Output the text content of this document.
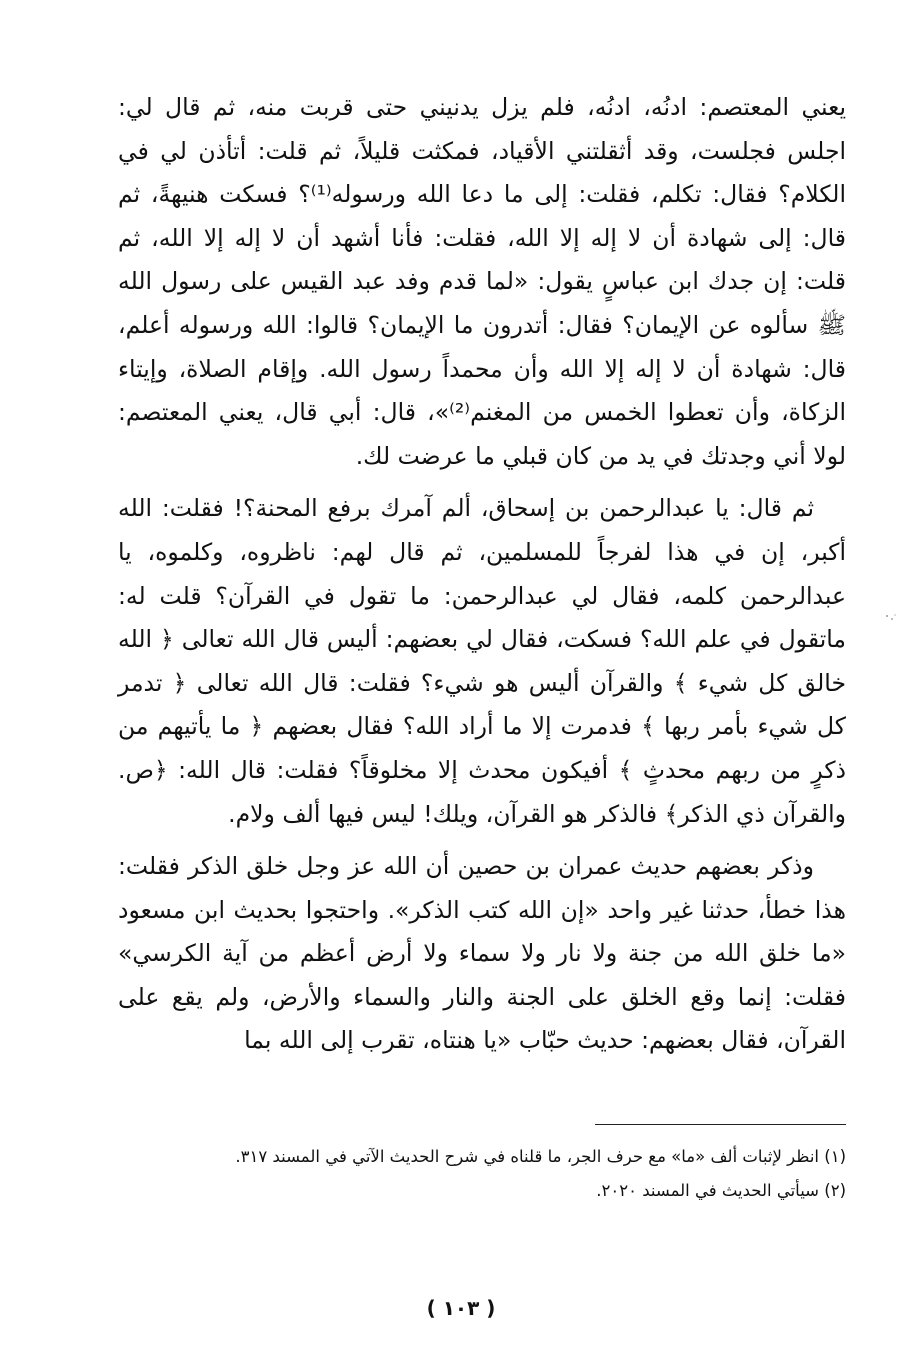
يعني المعتصم: ادنُه، ادنُه، فلم يزل يدنيني حتى قربت منه، ثم قال لي: اجلس فجلست، وقد أثقلتني الأقياد، فمكثت قليلاً، ثم قلت: أتأذن لي في الكلام؟ فقال: تكلم، فقلت: إلى ما دعا الله ورسوله⁽¹⁾؟ فسكت هنيهةً، ثم قال: إلى شهادة أن لا إله إلا الله، فقلت: فأنا أشهد أن لا إله إلا الله، ثم قلت: إن جدك ابن عباسٍ يقول: «لما قدم وفد عبد القيس على رسول الله ﷺ سألوه عن الإيمان؟ فقال: أتدرون ما الإيمان؟ قالوا: الله ورسوله أعلم، قال: شهادة أن لا إله إلا الله وأن محمداً رسول الله. وإقام الصلاة، وإيتاء الزكاة، وأن تعطوا الخمس من المغنم⁽²⁾»، قال: أبي قال، يعني المعتصم: لولا أني وجدتك في يد من كان قبلي ما عرضت لك.

ثم قال: يا عبدالرحمن بن إسحاق، ألم آمرك برفع المحنة؟! فقلت: الله أكبر، إن في هذا لفرجاً للمسلمين، ثم قال لهم: ناظروه، وكلموه، يا عبدالرحمن كلمه، فقال لي عبدالرحمن: ما تقول في القرآن؟ قلت له: ماتقول في علم الله؟ فسكت، فقال لي بعضهم: أليس قال الله تعالى ﴿ الله خالق كل شيء ﴾ والقرآن أليس هو شيء؟ فقلت: قال الله تعالى ﴿ تدمر كل شيء بأمر ربها ﴾ فدمرت إلا ما أراد الله؟ فقال بعضهم ﴿ ما يأتيهم من ذكرٍ من ربهم محدثٍ ﴾ أفيكون محدث إلا مخلوقاً؟ فقلت: قال الله: ﴿ص. والقرآن ذي الذكر﴾ فالذكر هو القرآن، ويلك! ليس فيها ألف ولام.

وذكر بعضهم حديث عمران بن حصين أن الله عز وجل خلق الذكر فقلت: هذا خطأ، حدثنا غير واحد «إن الله كتب الذكر». واحتجوا بحديث ابن مسعود «ما خلق الله من جنة ولا نار ولا سماء ولا أرض أعظم من آية الكرسي» فقلت: إنما وقع الخلق على الجنة والنار والسماء والأرض، ولم يقع على القرآن، فقال بعضهم: حديث حبّاب «يا هنتاه، تقرب إلى الله بما

(١) انظر لإثبات ألف «ما» مع حرف الجر، ما قلناه في شرح الحديث الآتي في المسند ٣١٧.

(٢) سيأتي الحديث في المسند ٢٠٢٠.

( ١٠٣ )
